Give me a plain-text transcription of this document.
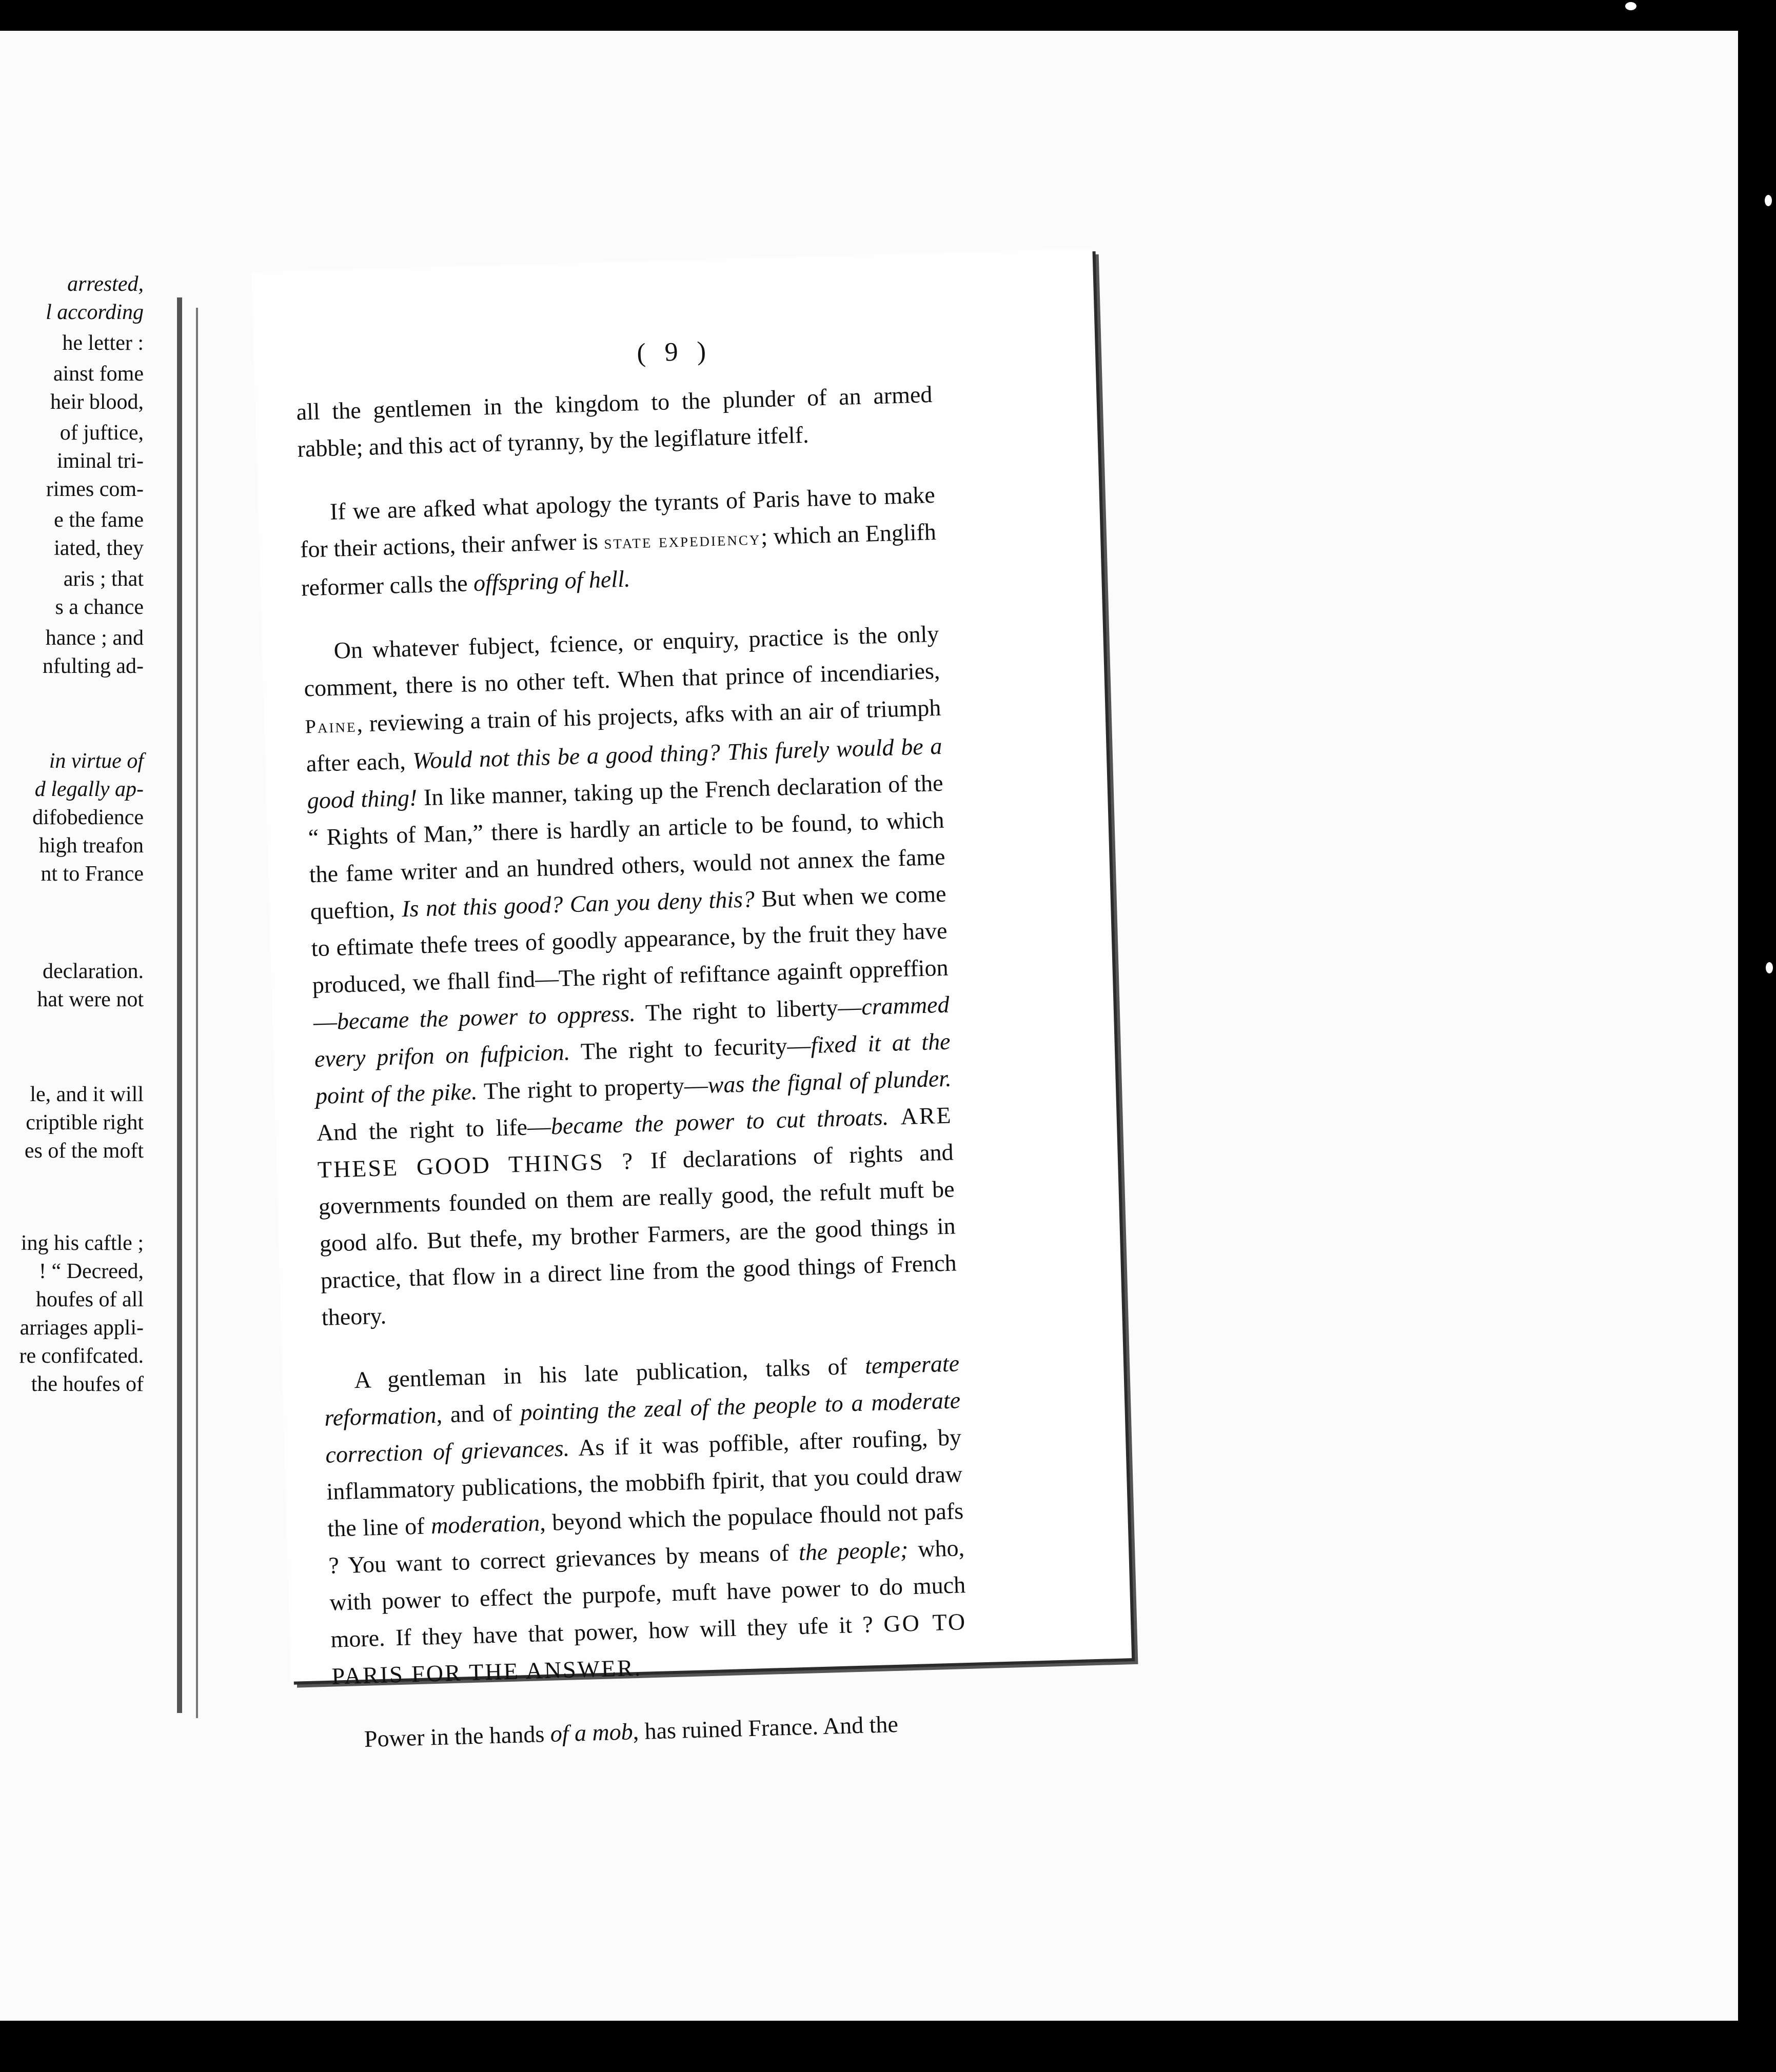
arrested,
l according
he letter :
ainst fome
heir blood,
of juftice,
iminal tri-
rimes com-
e the fame
iated, they
aris ; that
s a chance
hance ; and
nfulting ad-
in virtue of
d legally ap-
difobedience
high treafon
nt to France
declaration.
hat were not
le, and it will
criptible right
es of the moft
ing his caftle ;
! “ Decreed,
houfes of all
arriages appli-
re confifcated.
the houfes of
( 9 )

all the gentlemen in the kingdom to the plunder of an armed rabble; and this act of tyranny, by the legiflature itfelf.

If we are afked what apology the tyrants of Paris have to make for their actions, their anfwer is state expediency; which an Englifh reformer calls the offspring of hell.

On whatever fubject, fcience, or enquiry, practice is the only comment, there is no other teft. When that prince of incendiaries, Paine, reviewing a train of his projects, afks with an air of triumph after each, Would not this be a good thing? This furely would be a good thing! In like manner, taking up the French declaration of the “ Rights of Man,” there is hardly an article to be found, to which the fame writer and an hundred others, would not annex the fame queftion, Is not this good? Can you deny this? But when we come to eftimate thefe trees of goodly appearance, by the fruit they have produced, we fhall find—The right of refiftance againft oppreffion—became the power to oppress. The right to liberty—crammed every prifon on fufpicion. The right to fecurity—fixed it at the point of the pike. The right to property—was the fignal of plunder. And the right to life—became the power to cut throats. ARE THESE GOOD THINGS ? If declarations of rights and governments founded on them are really good, the refult muft be good alfo. But thefe, my brother Farmers, are the good things in practice, that flow in a direct line from the good things of French theory.

A gentleman in his late publication, talks of temperate reformation, and of pointing the zeal of the people to a moderate correction of grievances. As if it was poffible, after roufing, by inflammatory publications, the mobbifh fpirit, that you could draw the line of moderation, beyond which the populace fhould not pafs ? You want to correct grievances by means of the people; who, with power to effect the purpofe, muft have power to do much more. If they have that power, how will they ufe it ? GO TO PARIS FOR THE ANSWER.

Power in the hands of a mob, has ruined France. And the
